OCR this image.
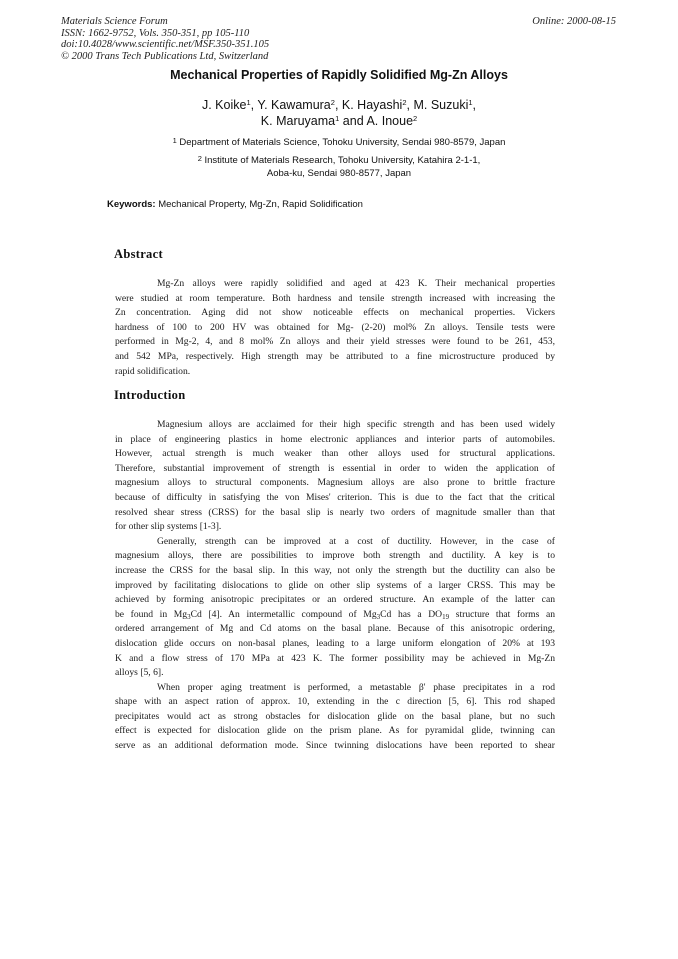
Materials Science Forum
ISSN: 1662-9752, Vols. 350-351, pp 105-110
doi:10.4028/www.scientific.net/MSF.350-351.105
© 2000 Trans Tech Publications Ltd, Switzerland
Online: 2000-08-15
Mechanical Properties of Rapidly Solidified Mg-Zn Alloys
J. Koike$^1$, Y. Kawamura$^2$, K. Hayashi$^2$, M. Suzuki$^1$,
K. Maruyama$^1$ and A. Inoue$^2$
$^1$ Department of Materials Science, Tohoku University, Sendai 980-8579, Japan
$^2$ Institute of Materials Research, Tohoku University, Katahira 2-1-1,
Aoba-ku, Sendai 980-8577, Japan
Keywords: Mechanical Property, Mg-Zn, Rapid Solidification
Abstract
Mg-Zn alloys were rapidly solidified and aged at 423 K. Their mechanical properties
were studied at room temperature. Both hardness and tensile strength increased with increasing the
Zn concentration. Aging did not show noticeable effects on mechanical properties. Vickers
hardness of 100 to 200 HV was obtained for Mg- (2-20) mol% Zn alloys. Tensile tests were
performed in Mg-2, 4, and 8 mol% Zn alloys and their yield stresses were found to be 261, 453,
and 542 MPa, respectively. High strength may be attributed to a fine microstructure produced by
rapid solidification.
Introduction
Magnesium alloys are acclaimed for their high specific strength and has been used widely
in place of engineering plastics in home electronic appliances and interior parts of automobiles.
However, actual strength is much weaker than other alloys used for structural applications.
Therefore, substantial improvement of strength is essential in order to widen the application of
magnesium alloys to structural components. Magnesium alloys are also prone to brittle fracture
because of difficulty in satisfying the von Mises' criterion. This is due to the fact that the critical
resolved shear stress (CRSS) for the basal slip is nearly two orders of magnitude smaller than that
for other slip systems [1-3].
Generally, strength can be improved at a cost of ductility. However, in the case of
magnesium alloys, there are possibilities to improve both strength and ductility. A key is to
increase the CRSS for the basal slip. In this way, not only the strength but the ductility can also be
improved by facilitating dislocations to glide on other slip systems of a larger CRSS. This may be
achieved by forming anisotropic precipitates or an ordered structure. An example of the latter can
be found in $Mg_3Cd$ [4]. An intermetallic compound of $Mg_3Cd$ has a $DO_{19}$ structure that forms an
ordered arrangement of Mg and Cd atoms on the basal plane. Because of this anisotropic ordering,
dislocation glide occurs on non-basal planes, leading to a large uniform elongation of 20% at 193
K and a flow stress of 170 MPa at 423 K. The former possibility may be achieved in Mg-Zn
alloys [5, 6].
When proper aging treatment is performed, a metastable β' phase precipitates in a rod
shape with an aspect ration of approx. 10, extending in the c direction [5, 6]. This rod shaped
precipitates would act as strong obstacles for dislocation glide on the basal plane, but no such
effect is expected for dislocation glide on the prism plane. As for pyramidal glide, twinning can
serve as an additional deformation mode. Since twinning dislocations have been reported to shear
